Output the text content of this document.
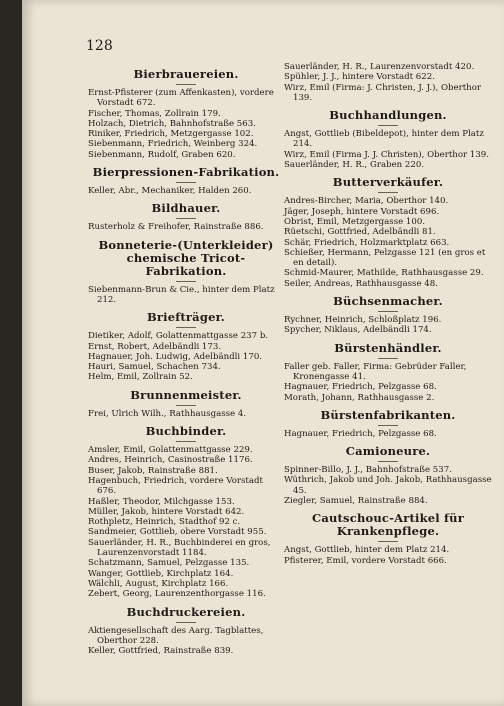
128
Bierbrauereien.
Ernst-Pfisterer (zum Affenkasten), vordere Vorstadt 672.
Fischer, Thomas, Zollrain 179.
Holzach, Dietrich, Bahnhofstraße 563.
Riniker, Friedrich, Metzgergasse 102.
Siebenmann, Friedrich, Weinberg 324.
Siebenmann, Rudolf, Graben 620.
Bierpressionen-Fabrikation.
Keller, Abr., Mechaniker, Halden 260.
Bildhauer.
Rusterholz & Freihofer, Rainstraße 886.
Bonneterie-(Unterkleider) chemische Tricot-Fabrikation.
Siebenmann-Brun & Cie., hinter dem Platz 212.
Briefträger.
Dietiker, Adolf, Golattenmattgasse 237 b.
Ernst, Robert, Adelbändli 173.
Hagnauer, Joh. Ludwig, Adelbändli 170.
Hauri, Samuel, Schachen 734.
Helm, Emil, Zollrain 52.
Brunnenmeister.
Frei, Ulrich Wilh., Rathhausgasse 4.
Buchbinder.
Amsler, Emil, Golattenmattgasse 229.
Andres, Heinrich, Casinostraße 1176.
Buser, Jakob, Rainstraße 881.
Hagenbuch, Friedrich, vordere Vorstadt 676.
Haßler, Theodor, Milchgasse 153.
Müller, Jakob, hintere Vorstadt 642.
Rothpletz, Heinrich, Stadthof 92 c.
Sandmeier, Gottlieb, obere Vorstadt 955.
Sauerländer, H. R., Buchbinderei en gros, Laurenzenvorstadt 1184.
Schatzmann, Samuel, Pelzgasse 135.
Wanger, Gottlieb, Kirchplatz 164.
Wälchli, August, Kirchplatz 166.
Zebert, Georg, Laurenzenthorgasse 116.
Buchdruckereien.
Aktiengesellschaft des Aarg. Tagblattes, Oberthor 228.
Keller, Gottfried, Rainstraße 839.
Sauerländer, H. R., Laurenzenvorstadt 420.
Spühler, J. J., hintere Vorstadt 622.
Wirz, Emil (Firma: J. Christen, J. J.), Oberthor 139.
Buchhandlungen.
Angst, Gottlieb (Bibeldepot), hinter dem Platz 214.
Wirz, Emil (Firma J. J. Christen), Oberthor 139.
Sauerländer, H. R., Graben 220.
Butterverkäufer.
Andres-Bircher, Maria, Oberthor 140.
Jäger, Joseph, hintere Vorstadt 696.
Obrist, Emil, Metzgergasse 100.
Rüetschi, Gottfried, Adelbändli 81.
Schär, Friedrich, Holzmarktplatz 663.
Schießer, Hermann, Pelzgasse 121 (en gros et en detail).
Schmid-Maurer, Mathilde, Rathhausgasse 29.
Seiler, Andreas, Rathhausgasse 48.
Büchsenmacher.
Rychner, Heinrich, Schloßplatz 196.
Spycher, Niklaus, Adelbändli 174.
Bürstenhändler.
Faller geb. Faller, Firma: Gebrüder Faller, Kronengasse 41.
Hagnauer, Friedrich, Pelzgasse 68.
Morath, Johann, Rathhausgasse 2.
Bürstenfabrikanten.
Hagnauer, Friedrich, Pelzgasse 68.
Camioneure.
Spinner-Billo, J. J., Bahnhofstraße 537.
Wüthrich, Jakob und Joh. Jakob, Rathhausgasse 45.
Ziegler, Samuel, Rainstraße 884.
Cautschouc-Artikel für Krankenpflege.
Angst, Gottlieb, hinter dem Platz 214.
Pfisterer, Emil, vordere Vorstadt 666.
